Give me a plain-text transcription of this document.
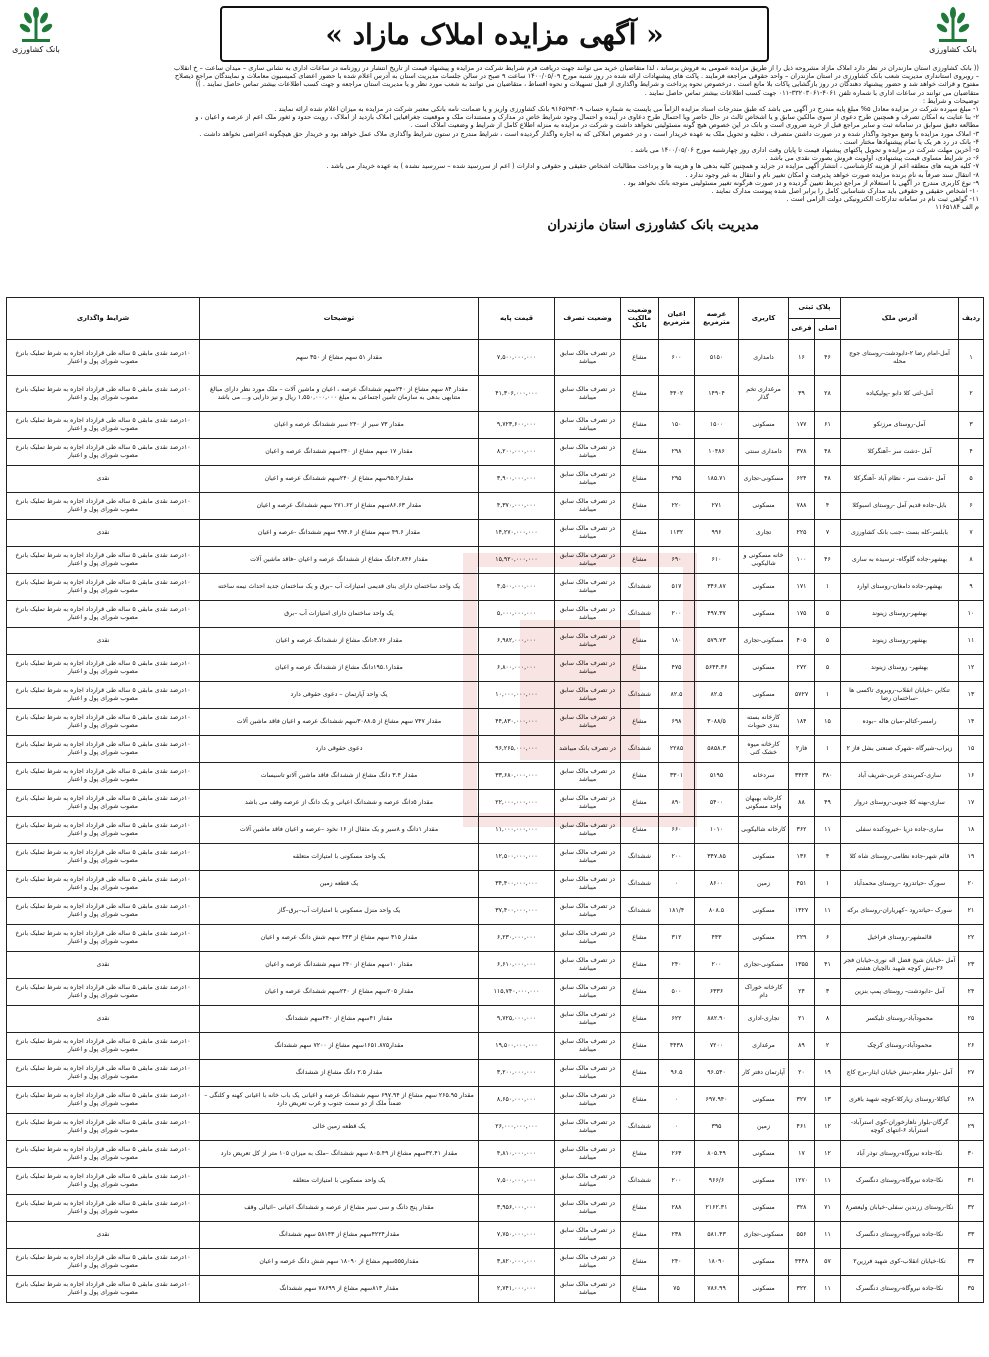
بانک کشاورزی
« آگهی مزایده املاک مازاد »
بانک کشاورزی

(( بانک کشاورزی استان مازندران در نظر دارد املاک مازاد مشروحه ذیل را از طریق مزایده عمومی به فروش برساند ، لذا متقاضیان خرید می توانند جهت دریافت فرم شرایط شرکت در مزایده و پیشنهاد قیمت از تاریخ انتشار در روزنامه در ساعات اداری به نشانی ساری – میدان ساعت – خ انقلاب

– روبروی استانداری مدیریت شعب بانک کشاورزی در استان مازندران – واحد حقوقی مراجعه فرمایند . پاکت های پیشنهادات ارائه شده در روز شنبه مورخ ۱۴۰۰/۰۵/۰۹ ساعت ۹ صبح در سالن جلسات مدیریت استان به آدرس اعلام شده با حضور اعضای کمیسیون معاملات و نمایندگان مراجع ذیصلاح

مفتوح و قرائت خواهد شد و حضور پیشنهاد دهندگان در روز بازگشایی پاکات بلا مانع است . درخصوص نحوه پرداخت و شرایط واگذاری از قبیل تسهیلات و نحوه اقساط ، متقاضیان می توانند به شعب مورد نظر و یا مدیریت استان مراجعه و جهت کسب اطلاعات بیشتر تماس حاصل نمایند . ))

متقاضیان می توانند در ساعات اداری با شماره تلفن ۴۰۶۱-۳۳۲۰۳۰۶۱-۰۱۱ جهت کسب اطلاعات بیشتر تماس حاصل نمایند .

توضیحات و شرایط :

۱- مبلغ سپرده شرکت در مزایده معادل ۵% مبلغ پایه مندرج در آگهی می باشد که طبق مندرجات اسناد مزایده الزاماً می بایست به شماره حساب ۹۱۶۵۲۹۳۰۹ بانک کشاورزی واریز و یا ضمانت نامه بانکی معتبر شرکت در مزایده به میزان اعلام شده ارائه نمایند .

۲- بنا عنایت به امکان تصرف و همچنین طرح دعوی از سوی مالکین سابق و یا اشخاص ثالث در حال حاضر ویا احتمال طرح دعاوی در آینده و احتمال وجود شرایط خاص در مدارک و مستندات ملک و موقعیت جغرافیایی املاک بازدید از املاک ، رویت حدود و ثغور ملک اعم از عرصه و اعیان ، و

مطالعه دقیق سوابق در سامانه ثبت و سایر مراجع قبل از خرید ضروری است و بانک در این خصوص هیچ گونه مسئولیتی نخواهد داشت و شرکت در مزایده به منزله اطلاع کامل از شرایط و وضعیت املاک است .

۳- املاک مورد مزایده با وضع موجود واگذار شده و در صورت داشتن متصرف ، تخلیه و تحویل ملک به عهده خریدار است ، و در خصوص املاکی که به اجاره واگذار گردیده است ، شرایط مندرج در ستون شرایط واگذاری ملاک عمل خواهد بود و خریدار حق هیچگونه اعتراضی نخواهد داشت .

۴- بانک در رد هر یک یا تمام پیشنهادها مختار است .

۵- آخرین مهلت شرکت در مزایده و تحویل پاکتهای پیشنهاد قیمت تا پایان وقت اداری روز چهارشنبه مورخ ۱۴۰۰/۰۵/۰۶ می باشد .

۶- در شرایط مساوی قیمت پیشنهادی، اولویت فروش بصورت نقدی می باشد .

۷- کلیه هزینه های متعلقه اعم از هزینه کارشناسی ، انتشار آگهی مزایده در جراید و همچنین کلیه بدهی ها و هزینه ها و پرداخت مطالبات اشخاص حقیقی و حقوقی و ادارات ( اعم از سررسید شده – سررسید نشده ) به عهده خریدار می باشد .

۸- انتقال سند صرفاً به نام برنده مزایده صورت خواهد پذیرفت و امکان تغییر نام و انتقال به غیر وجود ندارد .

۹- نوع کاربری مندرج در آگهی با استعلام از مراجع ذیربط تعیین گردیده و در صورت هرگونه تغییر مسئولیتی متوجه بانک نخواهد بود .

۱۰- اشخاص حقیقی و حقوقی باید مدارک شناسایی کامل را برابر اصل شده پیوست مدارک نمایند .

۱۱- گواهی ثبت نام در سامانه تدارکات الکترونیکی دولت الزامی است .

م الف ۱۱۶۵۱۸۴

مدیریت بانک کشاورزی استان مازندران
ردیف	آدرس ملک	پلاک ثبتی		کاربری	عرصه مترمربع	اعیان مترمربع	وضعیت مالکیت بانک	وضعیت تصرف	قیمت پایه	توضیحات	شرایط واگذاری
		اصلی	فرعی								
۱	آمل-امام رضا ۲-دابودشت-روستای جوج محله	۴۶	۱۶	دامداری	۵۱۵۰	۶۰۰	مشاع	در تصرف مالک سابق میباشد	۷,۵۰۰,۰۰۰,۰۰۰	مقدار ۵۱ سهم مشاع از ۳۵۰ سهم	۱۰درصد نقدی مابقی ۵ ساله طی قرارداد اجاره به شرط تملیک بانرخ مصوب شورای پول و اعتبار
۲	آمل-لتی کلا دابو -پولیکیاده	۲۸	۳۹	مرغداری تخم گذار	۱۴۹۰۴	۴۴۰۲	مشاع	در تصرف مالک سابق میباشد	۴۱,۳۰۶,۰۰۰,۰۰۰	مقدار ۸۴ سهم مشاع از ۲۴۰سهم ششدانگ عرصه ، اعیان و ماشین آلات – ملک مورد نظر دارای مبالغ متنابهی بدهی به سازمان تامین اجتماعی به مبلغ ۱,۵۵۰,۰۰۰,۰۰۰ ریال و نیز دارایی و... می باشد	۱۰درصد نقدی مابقی ۵ ساله طی قرارداد اجاره به شرط تملیک بانرخ مصوب شورای پول و اعتبار
۳	آمل-روستای مرزنکو	۶۱	۱۷۷	مسکونی	۱۵۰۰	۱۵۰	مشاع	در تصرف مالک سابق میباشد	۹,۷۲۳,۶۰۰,۰۰۰	مقدار ۷۳ سیر از ۲۴۰ سیر ششدانگ عرصه و اعیان	۱۰درصد نقدی مابقی ۵ ساله طی قرارداد اجاره به شرط تملیک بانرخ مصوب شورای پول و اعتبار
۴	آمل -دشت سر –آهنگرکلا	۴۸	۳۷۸	دامداری سنتی	۱۰۴۸۶	۲۹۸	مشاع	در تصرف مالک سابق میباشد	۸,۲۰۰,۰۰۰,۰۰۰	مقدار ۱۷ سهم مشاع از ۲۴۰سهم ششدانگ عرصه و اعیان	۱۰درصد نقدی مابقی ۵ ساله طی قرارداد اجاره به شرط تملیک بانرخ مصوب شورای پول و اعتبار
۵	آمل -دشت سر - نظام آباد -آهنگرکلا	۴۸	۶۲۴	مسکونی-تجاری	۱۸۵.۷۱	۲۹۵	مشاع	در تصرف مالک سابق میباشد	۳,۹۰۰,۰۰۰,۰۰۰	مقدار۹۵.۲سهم مشاع از ۲۴۰سهم ششدانگ عرصه و اعیان	نقدی
۶	بابل-جاده قدیم آمل -روستای اسبوکلا	۴	۷۸۸	مسکونی	۲۷۱	۲۲۰	مشاع	در تصرف مالک سابق میباشد	۴,۳۷۰,۰۰۰,۰۰۰	مقدار ۸۶.۶۳سهم مشاع از ۲۷۱.۶۲ سهم ششدانگ عرصه و اعیان	۱۰درصد نقدی مابقی ۵ ساله طی قرارداد اجاره به شرط تملیک بانرخ مصوب شورای پول و اعتبار
۷	بابلسر-کله بست -جنب بانک کشاورزی	۷	۲۲۵	تجاری	۹۹۶	۱۱۳۲	مشاع	در تصرف مالک سابق میباشد	۱۴,۲۷۰,۰۰۰,۰۰۰	مقدار ۴۹.۶ سهم مشاع از ۹۹۴.۶ سهم ششدانگ -عرصه و اعیان	نقدی
۸	بهشهر-جاده گلوگاه- ترسیده به ساری	۴۶	۱۰۰	خانه مسکونی و شالیکوبی	۶۱۰	۶۹۰	مشاع	در تصرف مالک سابق میباشد	۱۵,۹۲۰,۰۰۰,۰۰۰	مقدار ۴.۸۴۶دانگ مشاع از ششدانگ عرصه و اعیان –فاقد ماشین آلات	۱۰درصد نقدی مابقی ۵ ساله طی قرارداد اجاره به شرط تملیک بانرخ مصوب شورای پول و اعتبار
۹	بهشهر-جاده دامغان-روستای اوارد	۱	۱۷۱	مسکونی	۳۴۶.۸۷	۵۱۷	ششدانگ	در تصرف مالک سابق میباشد	۴,۵۰۰,۰۰۰,۰۰۰	یک واحد ساختمان دارای بنای قدیمی امتیازات آب –برق و یک ساختمان جدید احداث نیمه ساخته	۱۰درصد نقدی مابقی ۵ ساله طی قرارداد اجاره به شرط تملیک بانرخ مصوب شورای پول و اعتبار
۱۰	بهشهر-روستای زینوند	۵	۱۷۵	مسکونی	۴۹۷.۳۷	۲۰۰	ششدانگ	در تصرف مالک سابق میباشد	۵,۰۰۰,۰۰۰,۰۰۰	یک واحد ساختمان دارای امتیازات آب –برق	۱۰درصد نقدی مابقی ۵ ساله طی قرارداد اجاره به شرط تملیک بانرخ مصوب شورای پول و اعتبار
۱۱	بهشهر-روستای زینوند	۵	۴۰۵	مسکونی-تجاری	۵۷۹.۷۳	۱۸۰	مشاع	در تصرف مالک سابق میباشد	۶,۹۸۲,۰۰۰,۰۰۰	مقدار ۴.۷۶دانگ مشاع از ششدانگ عرصه و اعیان	نقدی
۱۲	بهشهر- روستای زینوند	۵	۲۷۲	مسکونی	۵۶۴۴.۳۶	۴۷۵	مشاع	در تصرف مالک سابق میباشد	۶,۸۰۰,۰۰۰,۰۰۰	مقدار۱۹۵.۱دانگ مشاع از ششدانگ عرصه و اعیان	۱۰درصد نقدی مابقی ۵ ساله طی قرارداد اجاره به شرط تملیک بانرخ مصوب شورای پول و اعتبار
۱۳	تنکابن -خیابان انقلاب-روبروی تاکسی ها -ساختمان رضا	۱	۵۷۲۷	مسکونی	۸۲.۵	۸۲.۵	ششدانگ	در تصرف مالک سابق میباشد	۱۰,۰۰۰,۰۰۰,۰۰۰	یک واحد آپارتمان – دعوی حقوقی دارد	۱۰درصد نقدی مابقی ۵ ساله طی قرارداد اجاره به شرط تملیک بانرخ مصوب شورای پول و اعتبار
۱۴	رامسر-کتالم-میان هاله –بوده	۱۵	۱۸۴	کارخانه بسته بندی حبوبات	۳۰۸۸/۵	۶۹۸	مشاع	در تصرف مالک سابق میباشد	۴۴,۸۳۰,۰۰۰,۰۰۰	مقدار ۷۴۷ سهم مشاع از ۳۰۸۸.۵سهم ششدانگ عرصه و اعیان فاقد ماشین آلات	۱۰درصد نقدی مابقی ۵ ساله طی قرارداد اجاره به شرط تملیک بانرخ مصوب شورای پول و اعتبار
۱۵	زیراب-شیرگاه -شهرک صنعتی بشل فاز ۲	۱	فاز۲	کارخانه میوه خشک کنی	۵۸۵۸.۳	۲۲۸۵	ششدانگ	در تصرف بانک میباشد	۹۶,۲۶۵,۰۰۰,۰۰۰	دعوی حقوقی دارد	۱۰درصد نقدی مابقی ۵ ساله طی قرارداد اجاره به شرط تملیک بانرخ مصوب شورای پول و اعتبار
۱۶	ساری-کمربندی غربی-شریف آباد	۳۸۰	۳۴۲۳	سردخانه	۵۱۹۵	۳۳۰۱	مشاع	در تصرف مالک سابق میباشد	۳۳,۶۸۰,۰۰۰,۰۰۰	مقدار ۳.۴ دانگ مشاع از ششدانگ فاقد ماشین آلاتو تاسیسات	۱۰درصد نقدی مابقی ۵ ساله طی قرارداد اجاره به شرط تملیک بانرخ مصوب شورای پول و اعتبار
۱۷	ساری-بهنه کلا جنوبی-روستای دروار	۴۹	۸۸	کارخانه بهبهان واحد مسکونی	۵۴۰۰	۸۹۰	مشاع	در تصرف مالک سابق میباشد	۲۲,۰۰۰,۰۰۰,۰۰۰	مقدار ۵دانگ عرصه و ششدانگ اعیانی و یک دانگ از عرصه وقف می باشد	۱۰درصد نقدی مابقی ۵ ساله طی قرارداد اجاره به شرط تملیک بانرخ مصوب شورای پول و اعتبار
۱۸	ساری-جاده دریا -خیرودکنده سفلی	۱۱	۳۶۲	کارخانه شالیکوبی	۱۰۱۰	۶۶۰	مشاع	در تصرف مالک سابق میباشد	۱۱,۰۰۰,۰۰۰,۰۰۰	مقدار ۱دانگ و ۸سیر و یک مثقال از ۱۶ نخود –عرصه و اعیان فاقد ماشین آلات	۱۰درصد نقدی مابقی ۵ ساله طی قرارداد اجاره به شرط تملیک بانرخ مصوب شورای پول و اعتبار
۱۹	قائم شهر-جاده نظامی-روستای شاه کلا	۴	۱۳۶	مسکونی	۳۴۷.۸۵	۲۰۰	ششدانگ	در تصرف مالک سابق میباشد	۱۲,۵۰۰,۰۰۰,۰۰۰	یک واحد مسکونی با امتیازات متعلقه	۱۰درصد نقدی مابقی ۵ ساله طی قرارداد اجاره به شرط تملیک بانرخ مصوب شورای پول و اعتبار
۲۰	سورک -حیاتدرود –روستای محمدآباد	۱	۴۵۱	زمین	۸۶۰۰	۰	ششدانگ	در تصرف مالک سابق میباشد	۳۴,۴۰۰,۰۰۰,۰۰۰	یک قطعه زمین	۱۰درصد نقدی مابقی ۵ ساله طی قرارداد اجاره به شرط تملیک بانرخ مصوب شورای پول و اعتبار
۲۱	سورک -حیاتدرود –کهریاران-روستای برکه	۱۱	۱۳۲۷	مسکونی	۸۰۸.۵	۱۸۱/۴	ششدانگ	در تصرف مالک سابق میباشد	۳۷,۴۰۰,۰۰۰,۰۰۰	یک واحد منزل مسکونی با امتیازات آب–برق–گاز	۱۰درصد نقدی مابقی ۵ ساله طی قرارداد اجاره به شرط تملیک بانرخ مصوب شورای پول و اعتبار
۲۲	قائمشهر-روستای فراخیل	۶	۲۲۹	مسکونی	۴۴۳	۳۱۲	مشاع	در تصرف مالک سابق میباشد	۶,۲۳۰,۰۰۰,۰۰۰	مقدار ۳۱۵ سهم مشاع از ۴۴۳ سهم شش دانگ عرصه و اعیان	۱۰درصد نقدی مابقی ۵ ساله طی قرارداد اجاره به شرط تملیک بانرخ مصوب شورای پول و اعتبار
۲۳	آمل -خیابان شیخ فضل اله نوری-خیابان فجر ۲۶-نبش کوچه شهید نالچیان هشتم	۴۱	۱۳۵۵	مسکونی-تجاری	۲۰۰	۲۴۰	مشاع	در تصرف مالک سابق میباشد	۶,۶۱۰,۰۰۰,۰۰۰	مقدار ۱۰سهم مشاع از ۲۴۰ سهم ششدانگ عرصه و اعیان	نقدی
۲۴	آمل -دابودشت- روستای پمپ بنزین	۳	۲۴	کارخانه خوراک دام	۶۳۳۶	۵۰۰	مشاع	در تصرف مالک سابق میباشد	۱۱۵,۷۴۰,۰۰۰,۰۰۰	مقدار ۲۰۵سهم مشاع از ۲۴۰سهم ششدانگ عرصه و اعیان	۱۰درصد نقدی مابقی ۵ ساله طی قرارداد اجاره به شرط تملیک بانرخ مصوب شورای پول و اعتبار
۲۵	محمودآباد-روستای تلیکسر	۸	۲۱	تجاری-اداری	۸۸۲.۹۰	۶۲۲	مشاع	در تصرف مالک سابق میباشد	۹,۷۲۵,۰۰۰,۰۰۰	مقدار ۴۱سهم مشاع از ۲۴۰سهم ششدانگ	نقدی
۲۶	محمودآباد-روستای کرچک	۲	۸۹	مرغداری	۷۲۰۰	۴۴۳۸	مشاع	در تصرف مالک سابق میباشد	۱۹,۵۰۰,۰۰۰,۰۰۰	مقدار۱۶۵۱.۸۷۵سهم مشاع از ۷۲۰۰ سهم ششدانگ	۱۰درصد نقدی مابقی ۵ ساله طی قرارداد اجاره به شرط تملیک بانرخ مصوب شورای پول و اعتبار
۲۷	آمل -بلوار معلم-نبش خیابان ایثار-برج کاج	۱۹	۲۰	آپارتمان دفتر کار	۹۶.۵۴۰	۹۶.۵	مشاع	در تصرف مالک سابق میباشد	۳,۲۰۰,۰۰۰,۰۰۰	مقدار ۲.۵ دانگ مشاع از ششدانگ	۱۰درصد نقدی مابقی ۵ ساله طی قرارداد اجاره به شرط تملیک بانرخ مصوب شورای پول و اعتبار
۲۸	کیاکلا-روستای زیارکلا-کوچه شهید باقری	۱۳	۳۲۷	مسکونی	۶۹۷.۹۴۰	۰	مشاع	در تصرف مالک سابق میباشد	۸,۶۵۰,۰۰۰,۰۰۰	مقدار ۲۶۵.۹۵ سهم مشاع از ۶۹۷.۹۴ سهم ششدانگ عرصه و اعیانی یک باب خانه با اعیانی کهنه و کلنگی –ضمناً ملک از دو سمت جنوب و غرب تعریض دارد	۱۰درصد نقدی مابقی ۵ ساله طی قرارداد اجاره به شرط تملیک بانرخ مصوب شورای پول و اعتبار
۲۹	گرگان-بلوار ناهارخوران-کوی استرآباد-استرآباد ۶-انتهای کوچه	۱۲	۴۶۱	زمین	۳۹۵	۰	ششدانگ	در تصرف مالک سابق میباشد	۲۶,۰۰۰,۰۰۰,۰۰۰	یک قطعه زمین خالی	۱۰درصد نقدی مابقی ۵ ساله طی قرارداد اجاره به شرط تملیک بانرخ مصوب شورای پول و اعتبار
۳۰	نکا-جاده نیروگاه-روستای نوذر آباد	۱۲	۱۷	مسکونی	۸۰۵.۴۹	۲۶۴	مشاع	در تصرف مالک سابق میباشد	۴,۸۱۰,۰۰۰,۰۰۰	مقدار ۳۲.۴۱سهم مشاع از ۸۰۵.۴۹ سهم ششدانگ –ملک به میزان ۱۰۵ متر از کل تعریض دارد	۱۰درصد نقدی مابقی ۵ ساله طی قرارداد اجاره به شرط تملیک بانرخ مصوب شورای پول و اعتبار
۳۱	نکا-جاده نیروگاه-روستای دنگسرک	۱۱	۱۲۷۰	مسکونی	۹۶۶/۶	۲۰۰	ششدانگ	در تصرف مالک سابق میباشد	۷,۵۰۰,۰۰۰,۰۰۰	یک واحد مسکونی با امتیازات متعلقه	۱۰درصد نقدی مابقی ۵ ساله طی قرارداد اجاره به شرط تملیک بانرخ مصوب شورای پول و اعتبار
۳۲	نکا-روستای زرندین سفلی-خیابان ولیعصر۸	۷۱	۳۲۸	مسکونی	۲۱۶۲.۳۱	۲۸۸	مشاع	در تصرف مالک سابق میباشد	۳,۹۵۶,۰۰۰,۰۰۰	مقدار پنج دانگ و سی سیر مشاع از عرصه و ششدانگ اعیانی –اثیالی وقف	۱۰درصد نقدی مابقی ۵ ساله طی قرارداد اجاره به شرط تملیک بانرخ مصوب شورای پول و اعتبار
۳۳	نکا-جاده نیروگاه-روستای دنگسرک	۱۱	۵۵۶	مسکونی-تجاری	۵۸۱.۴۳	۲۳۸	مشاع	در تصرف مالک سابق میباشد	۷,۷۵۰,۰۰۰,۰۰۰	مقدار۴۲۲۴سهم مشاع از ۵۸۱۴۳ سهم ششدانگ	نقدی
۳۴	نکا-خیابان انقلاب-کوی شهید فرزین۲	۵۷	۴۴۴۸	مسکونی	۱۸۰۹۰	۲۴۰	مشاع	در تصرف مالک سابق میباشد	۳,۸۲۰,۰۰۰,۰۰۰	مقدار۵۵۵سهم مشاع از ۱۸۰۹۰ سهم شش دانگ عرصه و اعیان	۱۰درصد نقدی مابقی ۵ ساله طی قرارداد اجاره به شرط تملیک بانرخ مصوب شورای پول و اعتبار
۳۵	نکا-جاده نیروگاه-روستای دنگسرک	۱۱	۳۲۲	مسکونی	۷۸۶.۹۹	۷۵	مشاع	در تصرف مالک سابق میباشد	۲,۷۴۱,۰۰۰,۰۰۰	مقدار ۸۱۳سهم مشاع از ۷۸۶۹۹ سهم ششدانگ	۱۰درصد نقدی مابقی ۵ ساله طی قرارداد اجاره به شرط تملیک بانرخ مصوب شورای پول و اعتبار
